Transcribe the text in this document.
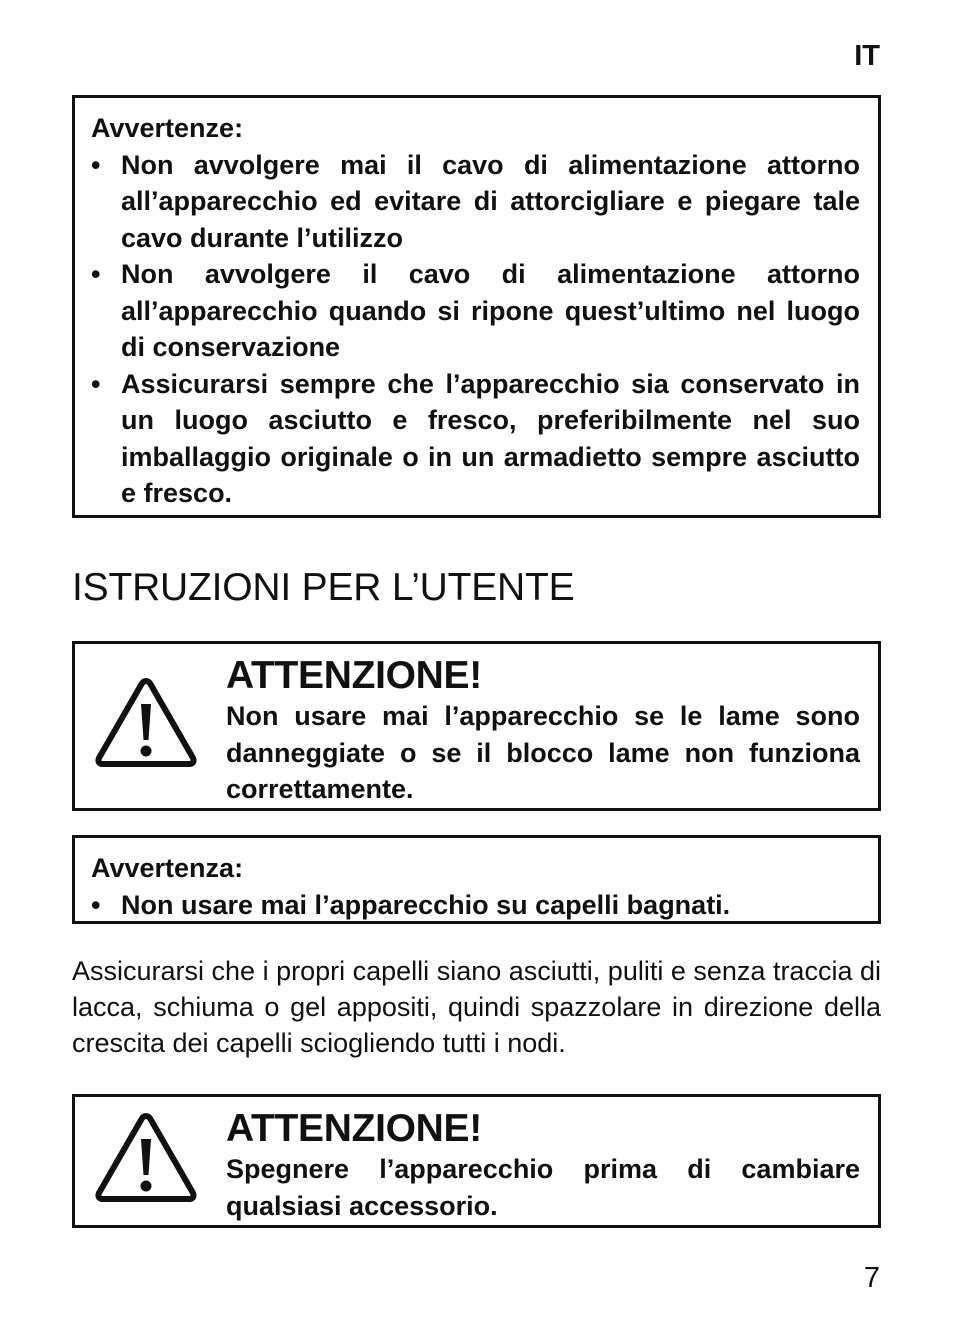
IT
Avvertenze:
• Non avvolgere mai il cavo di alimentazione attorno all’apparecchio ed evitare di attorcigliare e piegare tale cavo durante l’utilizzo
• Non avvolgere il cavo di alimentazione attorno all’apparecchio quando si ripone quest’ultimo nel luogo di conservazione
• Assicurarsi sempre che l’apparecchio sia conservato in un luogo asciutto e fresco, preferibilmente nel suo imballaggio originale o in un armadietto sempre asciutto e fresco.
ISTRUZIONI PER L’UTENTE
ATTENZIONE!
Non usare mai l’apparecchio se le lame sono danneggiate o se il blocco lame non funziona correttamente.
Avvertenza:
• Non usare mai l’apparecchio su capelli bagnati.

Assicurarsi che i propri capelli siano asciutti, puliti e senza traccia di lacca, schiuma o gel appositi, quindi spazzolare in direzione della crescita dei capelli sciogliendo tutti i nodi.

ATTENZIONE!
Spegnere l’apparecchio prima di cambiare qualsiasi accessorio.
7
